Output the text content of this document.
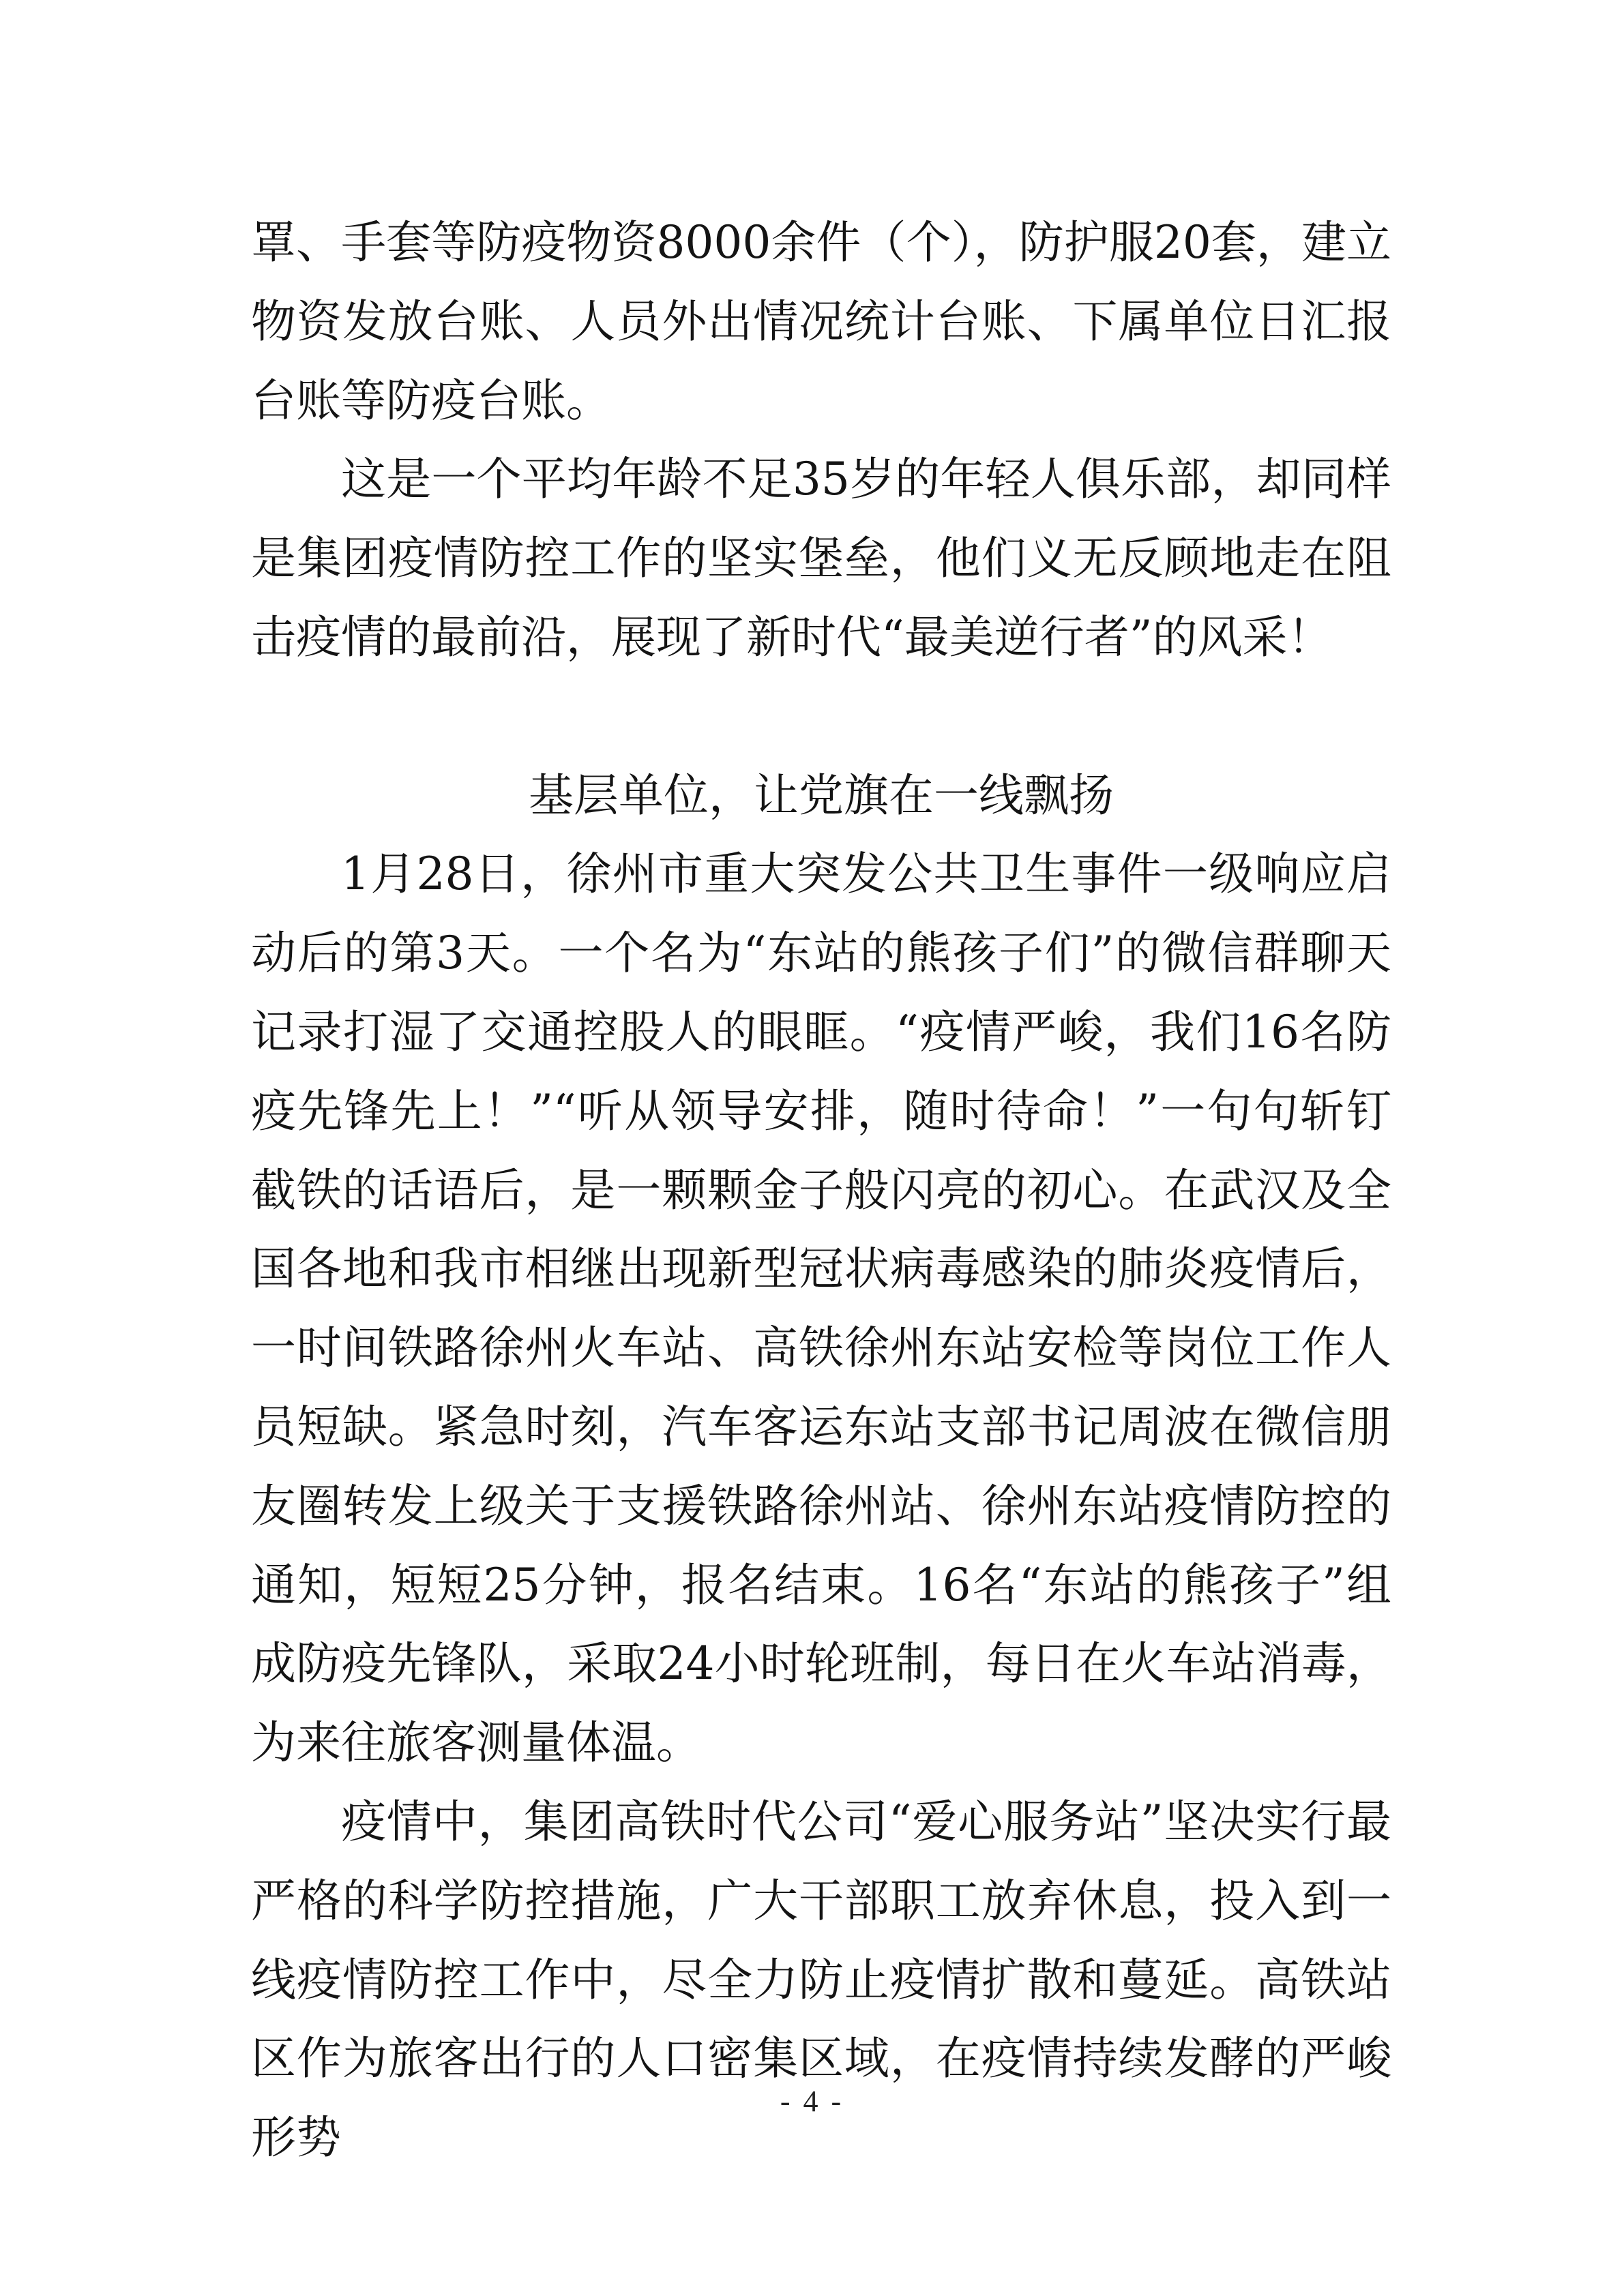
罩、手套等防疫物资8000余件（个），防护服20套，建立物资发放台账、人员外出情况统计台账、下属单位日汇报台账等防疫台账。

这是一个平均年龄不足35岁的年轻人俱乐部，却同样是集团疫情防控工作的坚实堡垒，他们义无反顾地走在阻击疫情的最前沿，展现了新时代“最美逆行者”的风采！

基层单位，让党旗在一线飘扬

1月28日，徐州市重大突发公共卫生事件一级响应启动后的第3天。一个名为“东站的熊孩子们”的微信群聊天记录打湿了交通控股人的眼眶。“疫情严峻，我们16名防疫先锋先上！”“听从领导安排，随时待命！”一句句斩钉截铁的话语后，是一颗颗金子般闪亮的初心。在武汉及全国各地和我市相继出现新型冠状病毒感染的肺炎疫情后，一时间铁路徐州火车站、高铁徐州东站安检等岗位工作人员短缺。紧急时刻，汽车客运东站支部书记周波在微信朋友圈转发上级关于支援铁路徐州站、徐州东站疫情防控的通知，短短25分钟，报名结束。16名“东站的熊孩子”组成防疫先锋队，采取24小时轮班制，每日在火车站消毒，为来往旅客测量体温。

疫情中，集团高铁时代公司“爱心服务站”坚决实行最严格的科学防控措施，广大干部职工放弃休息，投入到一线疫情防控工作中，尽全力防止疫情扩散和蔓延。高铁站区作为旅客出行的人口密集区域，在疫情持续发酵的严峻形势

- 4 -
